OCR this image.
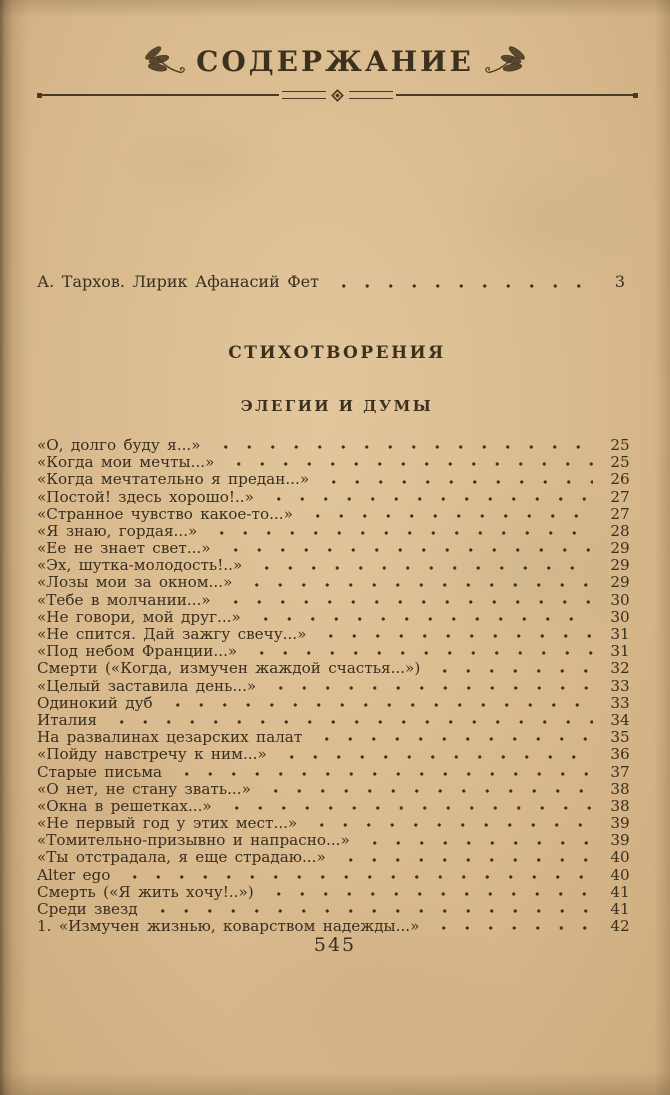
СОДЕРЖАНИЕ
А. Тархов. Лирик Афанасий Фет	3
СТИХОТВОРЕНИЯ
ЭЛЕГИИ И ДУМЫ
«О, долго буду я...»	25
«Когда мои мечты...»	25
«Когда мечтательно я предан...»	26
«Постой! здесь хорошо!..»	27
«Странное чувство какое-то...»	27
«Я знаю, гордая...»	28
«Ее не знает свет...»	29
«Эх, шутка-молодость!..»	29
«Лозы мои за окном...»	29
«Тебе в молчании...»	30
«Не говори, мой друг...»	30
«Не спится. Дай зажгу свечу...»	31
«Под небом Франции...»	31
Смерти («Когда, измучен жаждой счастья...»)	32
«Целый заставила день...»	33
Одинокий дуб	33
Италия	34
На развалинах цезарских палат	35
«Пойду навстречу к ним...»	36
Старые письма	37
«О нет, не стану звать...»	38
«Окна в решетках...»	38
«Не первый год у этих мест...»	39
«Томительно-призывно и напрасно...»	39
«Ты отстрадала, я еще страдаю...»	40
Alter ego	40
Смерть («Я жить хочу!..»)	41
Среди звезд	41
1. «Измучен жизнью, коварством надежды...»	42
545
